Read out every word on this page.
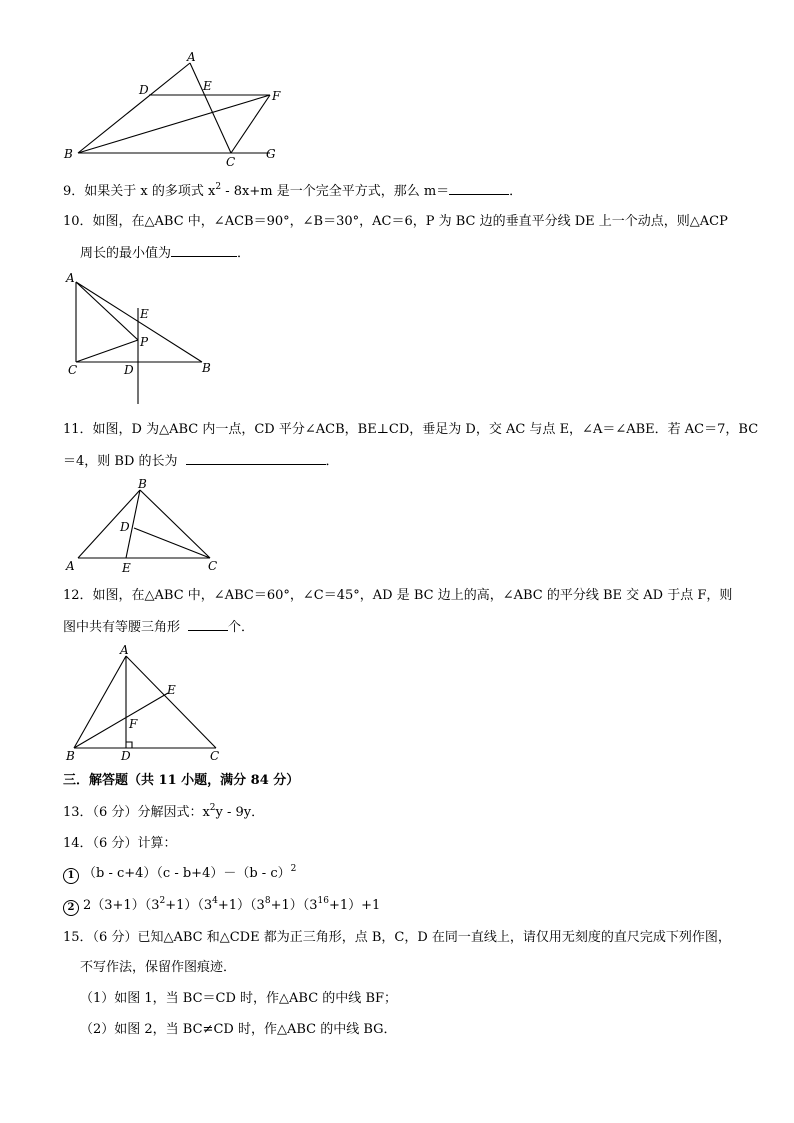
A
D	E
F
B
C
G
9．如果关于 x 的多项式 $x^2 - 8x+m$ 是一个完全平方式，那么 m＝	．
10．如图，在△ABC 中，∠ACB＝90°，∠B＝30°，AC＝6，P 为 BC 边的垂直平分线 DE 上一个动点，则△ACP
周长的最小值为	．
A
E
P
C	D	B
11．如图，D 为△ABC 内一点，CD 平分∠ACB，BE⊥CD，垂足为 D，交 AC 与点 E，∠A＝∠ABE．若 AC＝7，BC
＝4，则 BD 的长为	．
B
D
A	E	C
12．如图，在△ABC 中，∠ABC＝60°，∠C＝45°，AD 是 BC 边上的高，∠ABC 的平分线 BE 交 AD 于点 F，则
图中共有等腰三角形	个．
A
E
F
B	D	C
三．解答题（共 11 小题，满分 84 分）
13．（6 分）分解因式：$x^2y - 9y$．
14．（6 分）计算：
1 （b - c+4）（c - b+4）－（b - c）$^2$
2 $2(3+1)(3^2+1)(3^4+1)(3^8+1)(3^{16}+1)+1$
15．（6 分）已知△ABC 和△CDE 都为正三角形，点 B，C，D 在同一直线上，请仅用无刻度的直尺完成下列作图，
不写作法，保留作图痕迹．
（1）如图 1，当 BC＝CD 时，作△ABC 的中线 BF；
（2）如图 2，当 BC≠CD 时，作△ABC 的中线 BG．
